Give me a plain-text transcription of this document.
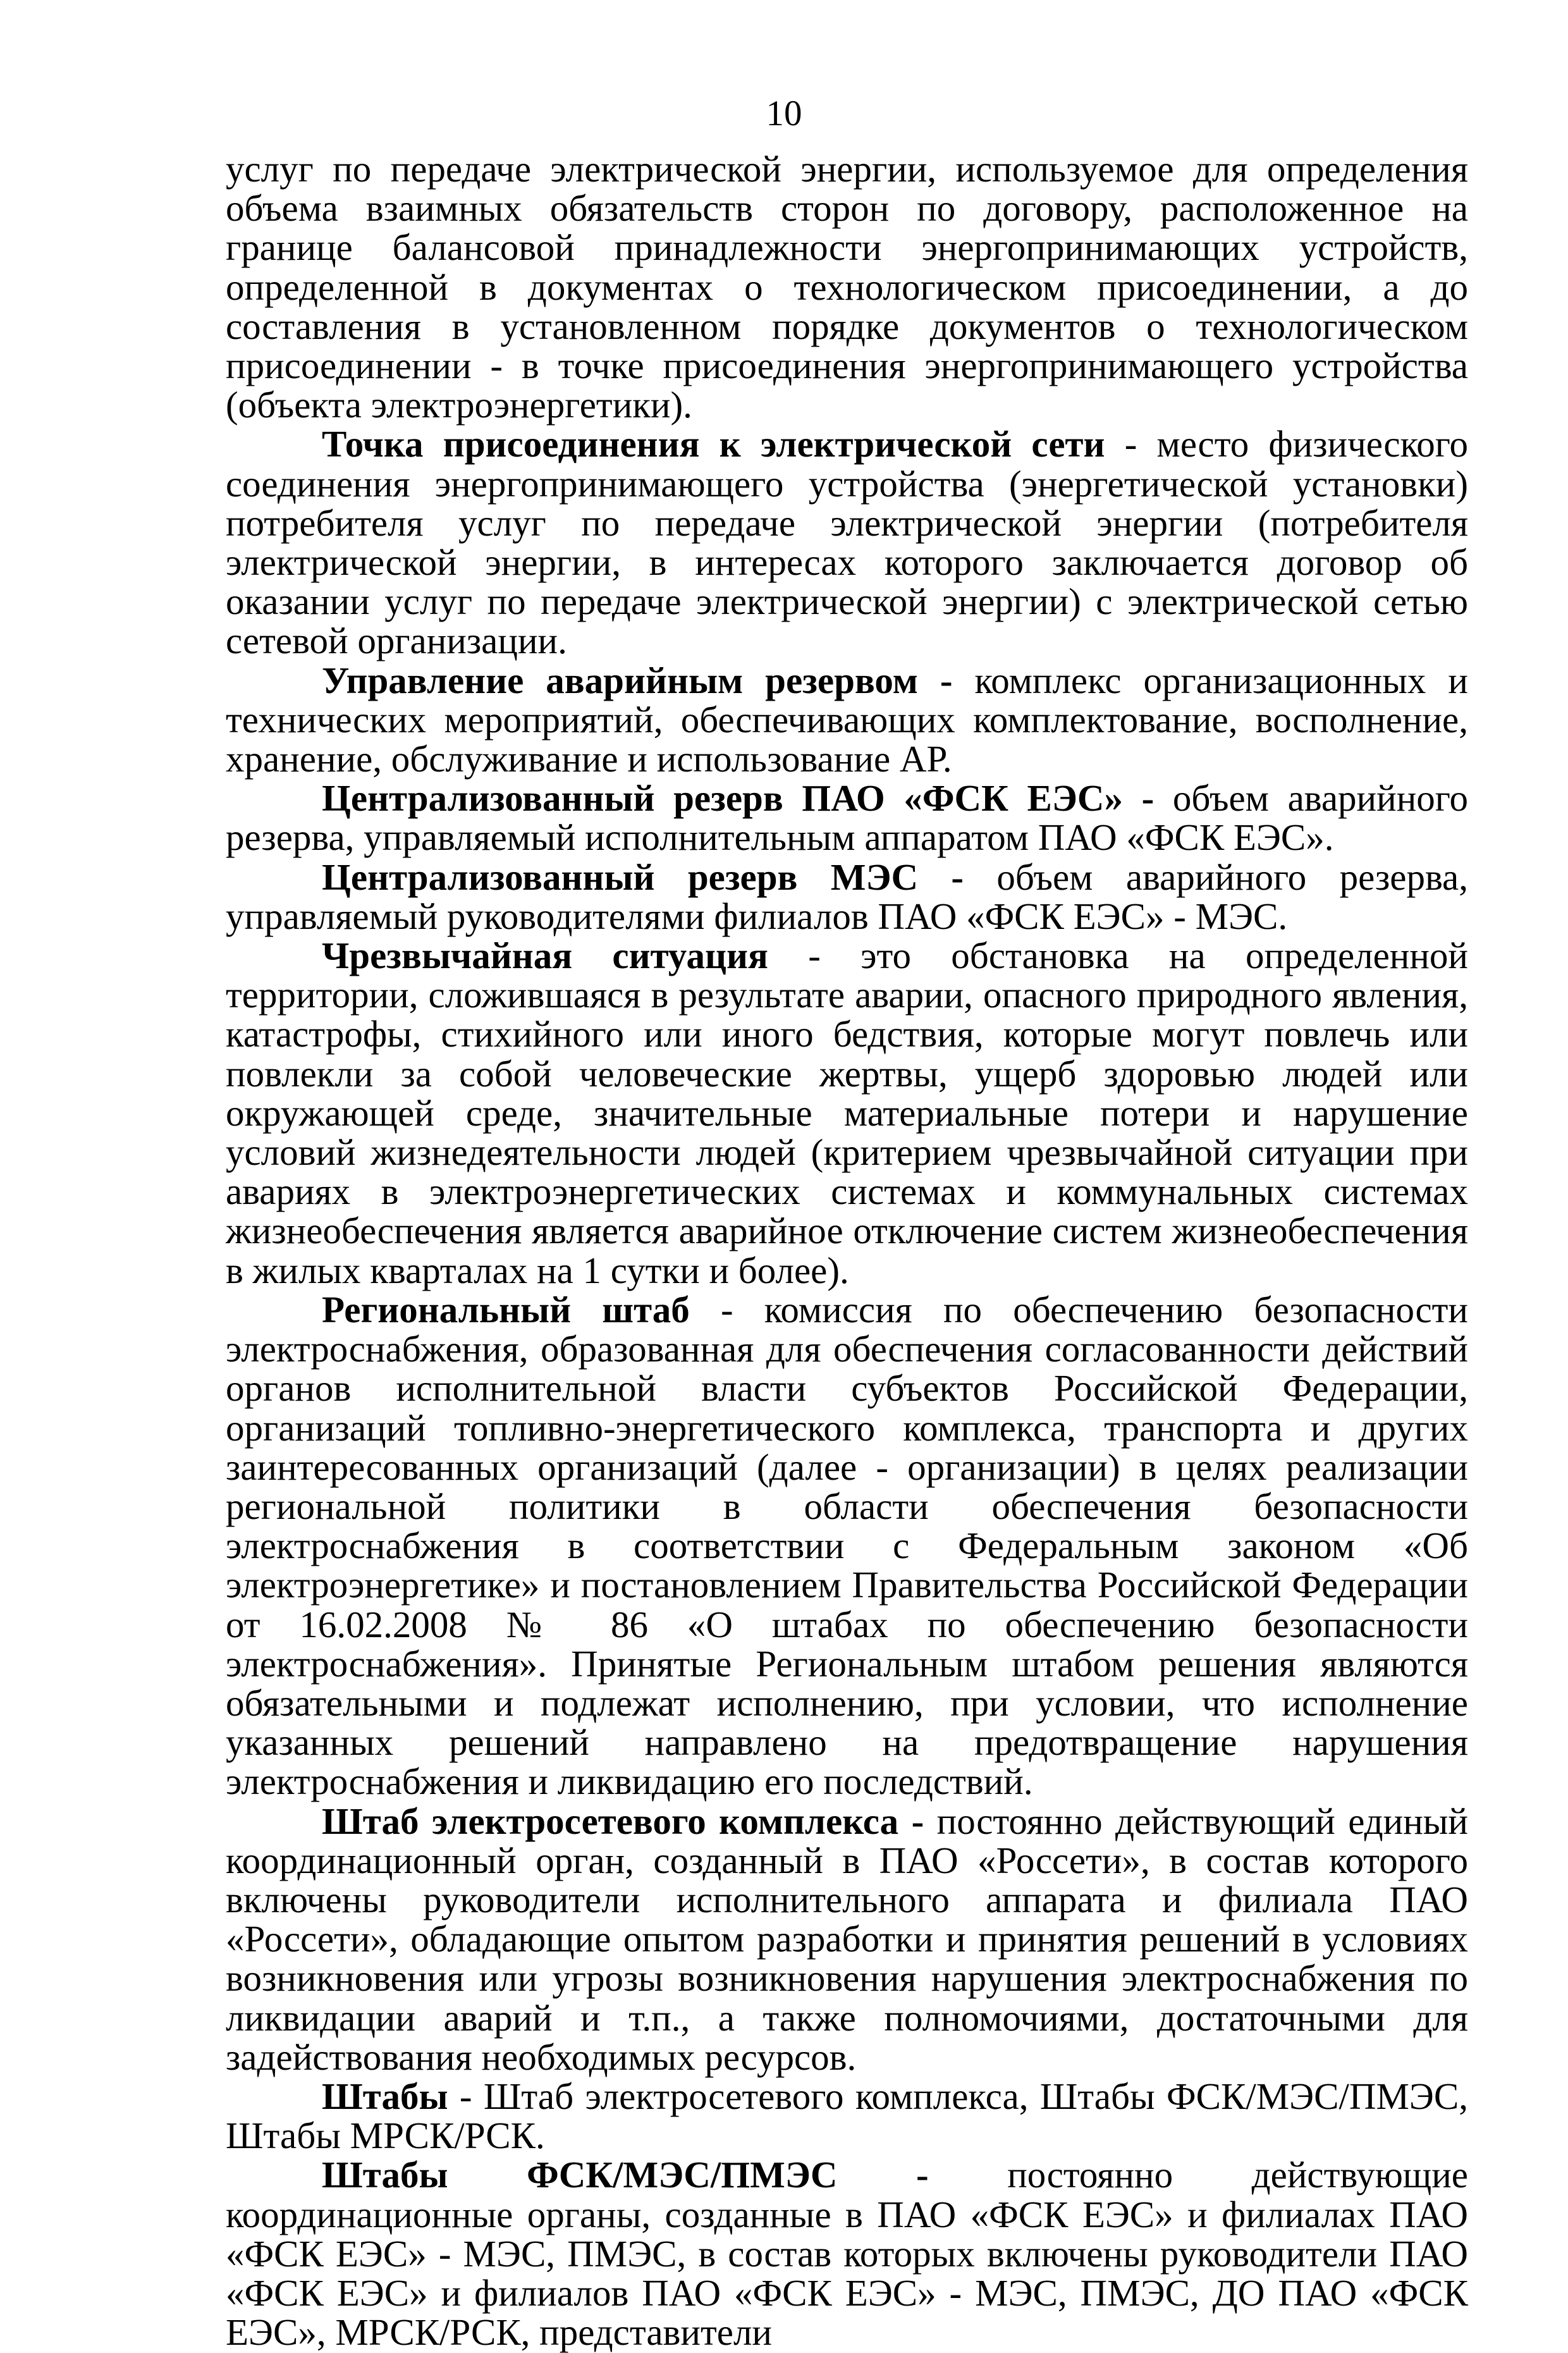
10

услуг по передаче электрической энергии, используемое для определения объема взаимных обязательств сторон по договору, расположенное на границе балансовой принадлежности энергопринимающих устройств, определенной в документах о технологическом присоединении, а до составления в установленном порядке документов о технологическом присоединении - в точке присоединения энергопринимающего устройства (объекта электроэнергетики).

Точка присоединения к электрической сети - место физического соединения энергопринимающего устройства (энергетической установки) потребителя услуг по передаче электрической энергии (потребителя электрической энергии, в интересах которого заключается договор об оказании услуг по передаче электрической энергии) с электрической сетью сетевой организации.

Управление аварийным резервом - комплекс организационных и технических мероприятий, обеспечивающих комплектование, восполнение, хранение, обслуживание и использование АР.

Централизованный резерв ПАО «ФСК ЕЭС» - объем аварийного резерва, управляемый исполнительным аппаратом ПАО «ФСК ЕЭС».

Централизованный резерв МЭС - объем аварийного резерва, управляемый руководителями филиалов ПАО «ФСК ЕЭС» - МЭС.

Чрезвычайная ситуация - это обстановка на определенной территории, сложившаяся в результате аварии, опасного природного явления, катастрофы, стихийного или иного бедствия, которые могут повлечь или повлекли за собой человеческие жертвы, ущерб здоровью людей или окружающей среде, значительные материальные потери и нарушение условий жизнедеятельности людей (критерием чрезвычайной ситуации при авариях в электроэнергетических системах и коммунальных системах жизнеобеспечения является аварийное отключение систем жизнеобеспечения в жилых кварталах на 1 сутки и более).

Региональный штаб - комиссия по обеспечению безопасности электроснабжения, образованная для обеспечения согласованности действий органов исполнительной власти субъектов Российской Федерации, организаций топливно-энергетического комплекса, транспорта и других заинтересованных организаций (далее - организации) в целях реализации региональной политики в области обеспечения безопасности электроснабжения в соответствии с Федеральным законом «Об электроэнергетике» и постановлением Правительства Российской Федерации от 16.02.2008 № 86 «О штабах по обеспечению безопасности электроснабжения». Принятые Региональным штабом решения являются обязательными и подлежат исполнению, при условии, что исполнение указанных решений направлено на предотвращение нарушения электроснабжения и ликвидацию его последствий.

Штаб электросетевого комплекса - постоянно действующий единый координационный орган, созданный в ПАО «Россети», в состав которого включены руководители исполнительного аппарата и филиала ПАО «Россети», обладающие опытом разработки и принятия решений в условиях возникновения или угрозы возникновения нарушения электроснабжения по ликвидации аварий и т.п., а также полномочиями, достаточными для задействования необходимых ресурсов.

Штабы - Штаб электросетевого комплекса, Штабы ФСК/МЭС/ПМЭС, Штабы МРСК/РСК.

Штабы ФСК/МЭС/ПМЭС - постоянно действующие координационные органы, созданные в ПАО «ФСК ЕЭС» и филиалах ПАО «ФСК ЕЭС» - МЭС, ПМЭС, в состав которых включены руководители ПАО «ФСК ЕЭС» и филиалов ПАО «ФСК ЕЭС» - МЭС, ПМЭС, ДО ПАО «ФСК ЕЭС», МРСК/РСК, представители
